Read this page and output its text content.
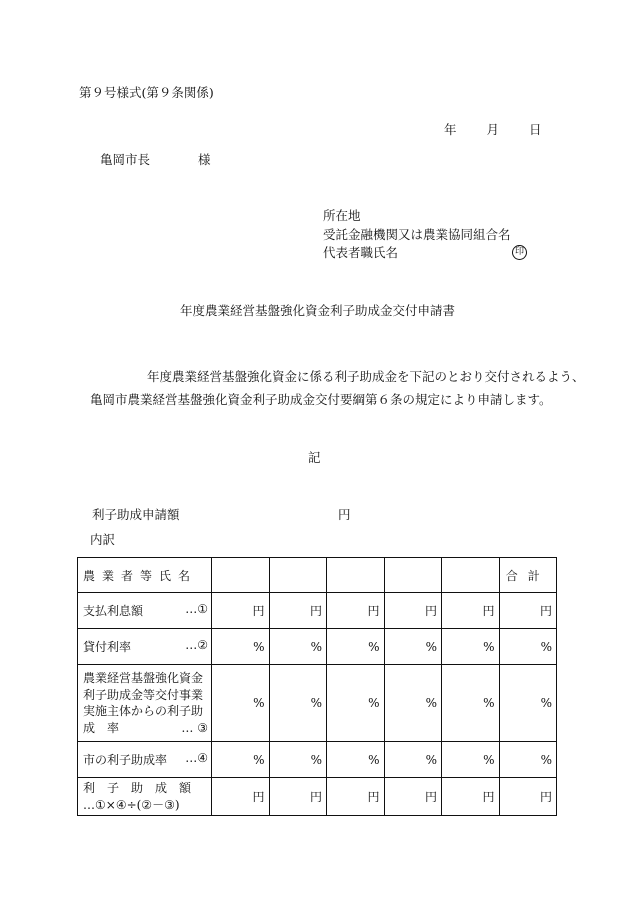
第９号様式(第９条関係)
年 月 日
亀岡市長	様
所在地
受託金融機関又は農業協同組合名
代表者職氏名	印
年度農業経営基盤強化資金利子助成金交付申請書
年度農業経営基盤強化資金に係る利子助成金を下記のとおり交付されるよう、
亀岡市農業経営基盤強化資金利子助成金交付要綱第６条の規定により申請します。
記
利子助成申請額	円
内訳
農業者等氏名						合計

支払利息額 …①	円	円	円	円	円	円

貸付利率 …②	%	%	%	%	%	%

農業経営基盤強化資金
利子助成金等交付事業
実施主体からの利子助
成　率 … ③	%	%	%	%	%	%

市の利子助成率 …④	%	%	%	%	%	%

利子助成額
…①×④÷(②－③)	円	円	円	円	円	円
